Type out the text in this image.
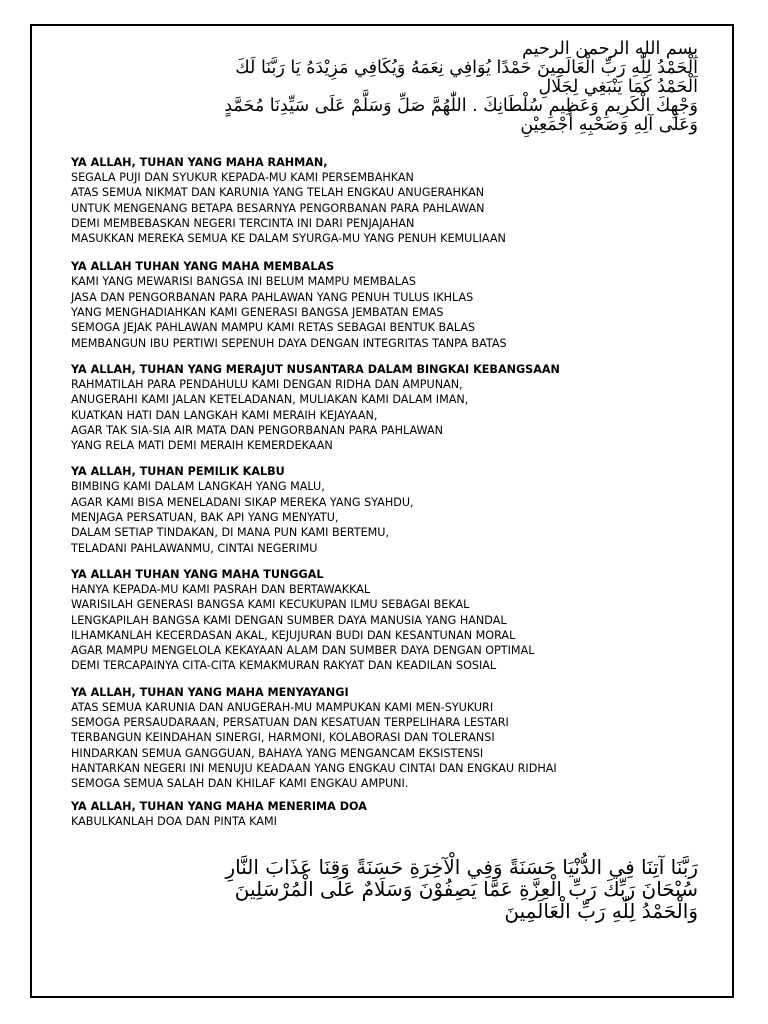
بسم الله الرحمن الرحيم
اَلْحَمْدُ لِلّٰهِ رَبِّ الْعَالَمِينَ حَمْدًا يُوَافِي نِعَمَهُ وَيُكَافِي مَزِيْدَهُ يَا رَبَّنَا لَكَ
اَلْحَمْدُ كَمَا يَنْبَغِي لِجَلَالِ
وَجْهِكَ الْكَرِيمِ وَعَظِيمِ سُلْطَانِكَ . اللّٰهُمَّ صَلِّ وَسَلَّمْ عَلَى سَيِّدِنَا مُحَمَّدٍ
وَعَلَى آلِهِ وَصَحْبِهِ أَجْمَعِيْنِ
YA ALLAH, TUHAN YANG MAHA RAHMAN,
SEGALA PUJI DAN SYUKUR KEPADA-MU KAMI PERSEMBAHKAN
ATAS SEMUA NIKMAT DAN KARUNIA YANG TELAH ENGKAU ANUGERAHKAN
UNTUK MENGENANG BETAPA BESARNYA PENGORBANAN PARA PAHLAWAN
DEMI MEMBEBASKAN NEGERI TERCINTA INI DARI PENJAJAHAN
MASUKKAN MEREKA SEMUA KE DALAM SYURGA-MU YANG PENUH KEMULIAAN
YA ALLAH TUHAN YANG MAHA MEMBALAS
KAMI YANG MEWARISI BANGSA INI BELUM MAMPU MEMBALAS
JASA DAN PENGORBANAN PARA PAHLAWAN YANG PENUH TULUS IKHLAS
YANG MENGHADIAHKAN KAMI GENERASI BANGSA JEMBATAN EMAS
SEMOGA JEJAK PAHLAWAN MAMPU KAMI RETAS SEBAGAI BENTUK BALAS
MEMBANGUN IBU PERTIWI SEPENUH DAYA DENGAN INTEGRITAS TANPA BATAS
YA ALLAH, TUHAN YANG MERAJUT NUSANTARA DALAM BINGKAI KEBANGSAAN
RAHMATILAH PARA PENDAHULU KAMI DENGAN RIDHA DAN AMPUNAN,
ANUGERAHI KAMI JALAN KETELADANAN, MULIAKAN KAMI DALAM IMAN,
KUATKAN HATI DAN LANGKAH KAMI MERAIH KEJAYAAN,
AGAR TAK SIA-SIA AIR MATA DAN PENGORBANAN PARA PAHLAWAN
YANG RELA MATI DEMI MERAIH KEMERDEKAAN
YA ALLAH, TUHAN PEMILIK KALBU
BIMBING KAMI DALAM LANGKAH YANG MALU,
AGAR KAMI BISA MENELADANI SIKAP MEREKA YANG SYAHDU,
MENJAGA PERSATUAN, BAK API YANG MENYATU,
DALAM SETIAP TINDAKAN, DI MANA PUN KAMI BERTEMU,
TELADANI PAHLAWANMU, CINTAI NEGERIMU
YA ALLAH TUHAN YANG MAHA TUNGGAL
HANYA KEPADA-MU KAMI PASRAH DAN BERTAWAKKAL
WARISILAH GENERASI BANGSA KAMI KECUKUPAN ILMU SEBAGAI BEKAL
LENGKAPILAH BANGSA KAMI DENGAN SUMBER DAYA MANUSIA YANG HANDAL
ILHAMKANLAH KECERDASAN AKAL, KEJUJURAN BUDI DAN KESANTUNAN MORAL
AGAR MAMPU MENGELOLA KEKAYAAN ALAM DAN SUMBER DAYA DENGAN OPTIMAL
DEMI TERCAPAINYA CITA-CITA KEMAKMURAN RAKYAT DAN KEADILAN SOSIAL
YA ALLAH, TUHAN YANG MAHA MENYAYANGI
ATAS SEMUA KARUNIA DAN ANUGERAH-MU MAMPUKAN KAMI MEN-SYUKURI
SEMOGA PERSAUDARAAN, PERSATUAN DAN KESATUAN TERPELIHARA LESTARI
TERBANGUN KEINDAHAN SINERGI, HARMONI, KOLABORASI DAN TOLERANSI
HINDARKAN SEMUA GANGGUAN, BAHAYA YANG MENGANCAM EKSISTENSI
HANTARKAN NEGERI INI MENUJU KEADAAN YANG ENGKAU CINTAI DAN ENGKAU RIDHAI
SEMOGA SEMUA SALAH DAN KHILAF KAMI ENGKAU AMPUNI.
YA ALLAH, TUHAN YANG MAHA MENERIMA DOA
KABULKANLAH DOA DAN PINTA KAMI
رَبَّنَا آتِنَا فِي الدُّنْيَا حَسَنَةً وَفِي الْآخِرَةِ حَسَنَةً وَقِنَا عَذَابَ النَّارِ
سُبْحَانَ رَبِّكَ رَبِّ الْعِزَّةِ عَمَّا يَصِفُوْنَ وَسَلَامٌ عَلَى الْمُرْسَلِينَ
وَالْحَمْدُ لِلّٰهِ رَبِّ الْعَالَمِينَ
